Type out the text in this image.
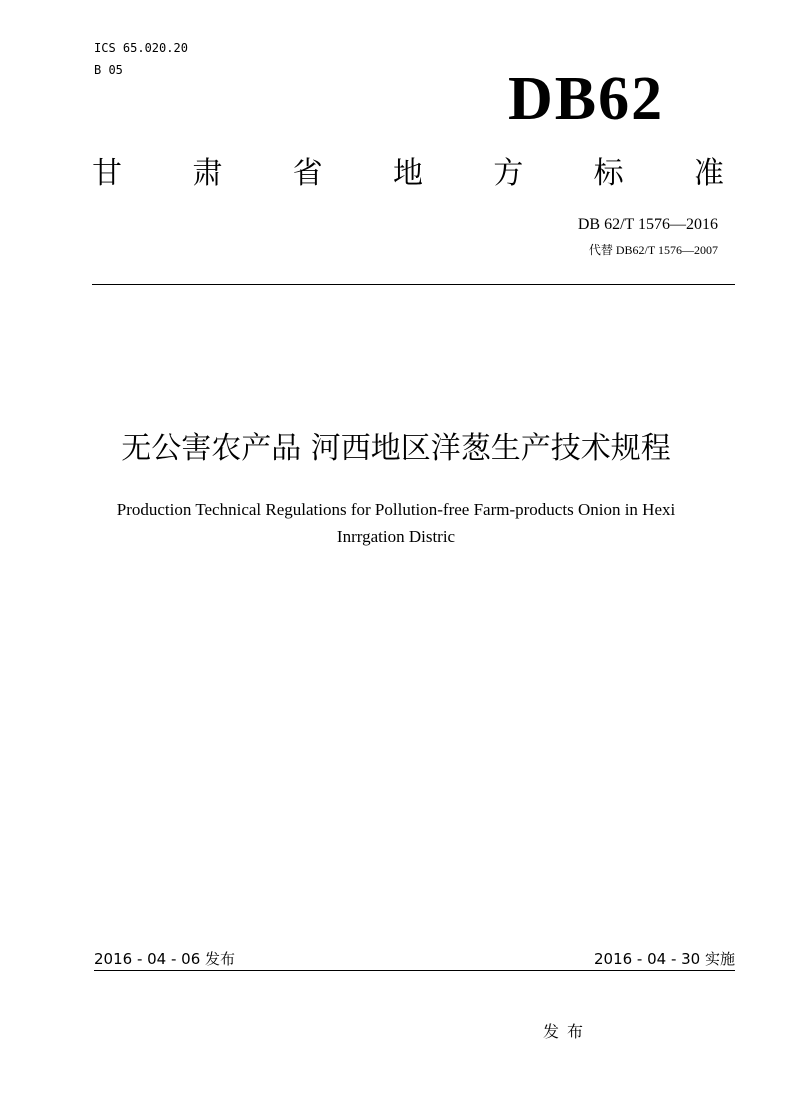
ICS 65.020.20
B 05	DB62
甘 肃 省 地 方 标 准
DB 62/T 1576—2016
代替 DB62/T 1576—2007
无公害农产品 河西地区洋葱生产技术规程
Production Technical Regulations for Pollution-free Farm-products Onion in Hexi
Inrrgation Distric
2016 - 04 - 06 发布	2016 - 04 - 30 实施
发布
